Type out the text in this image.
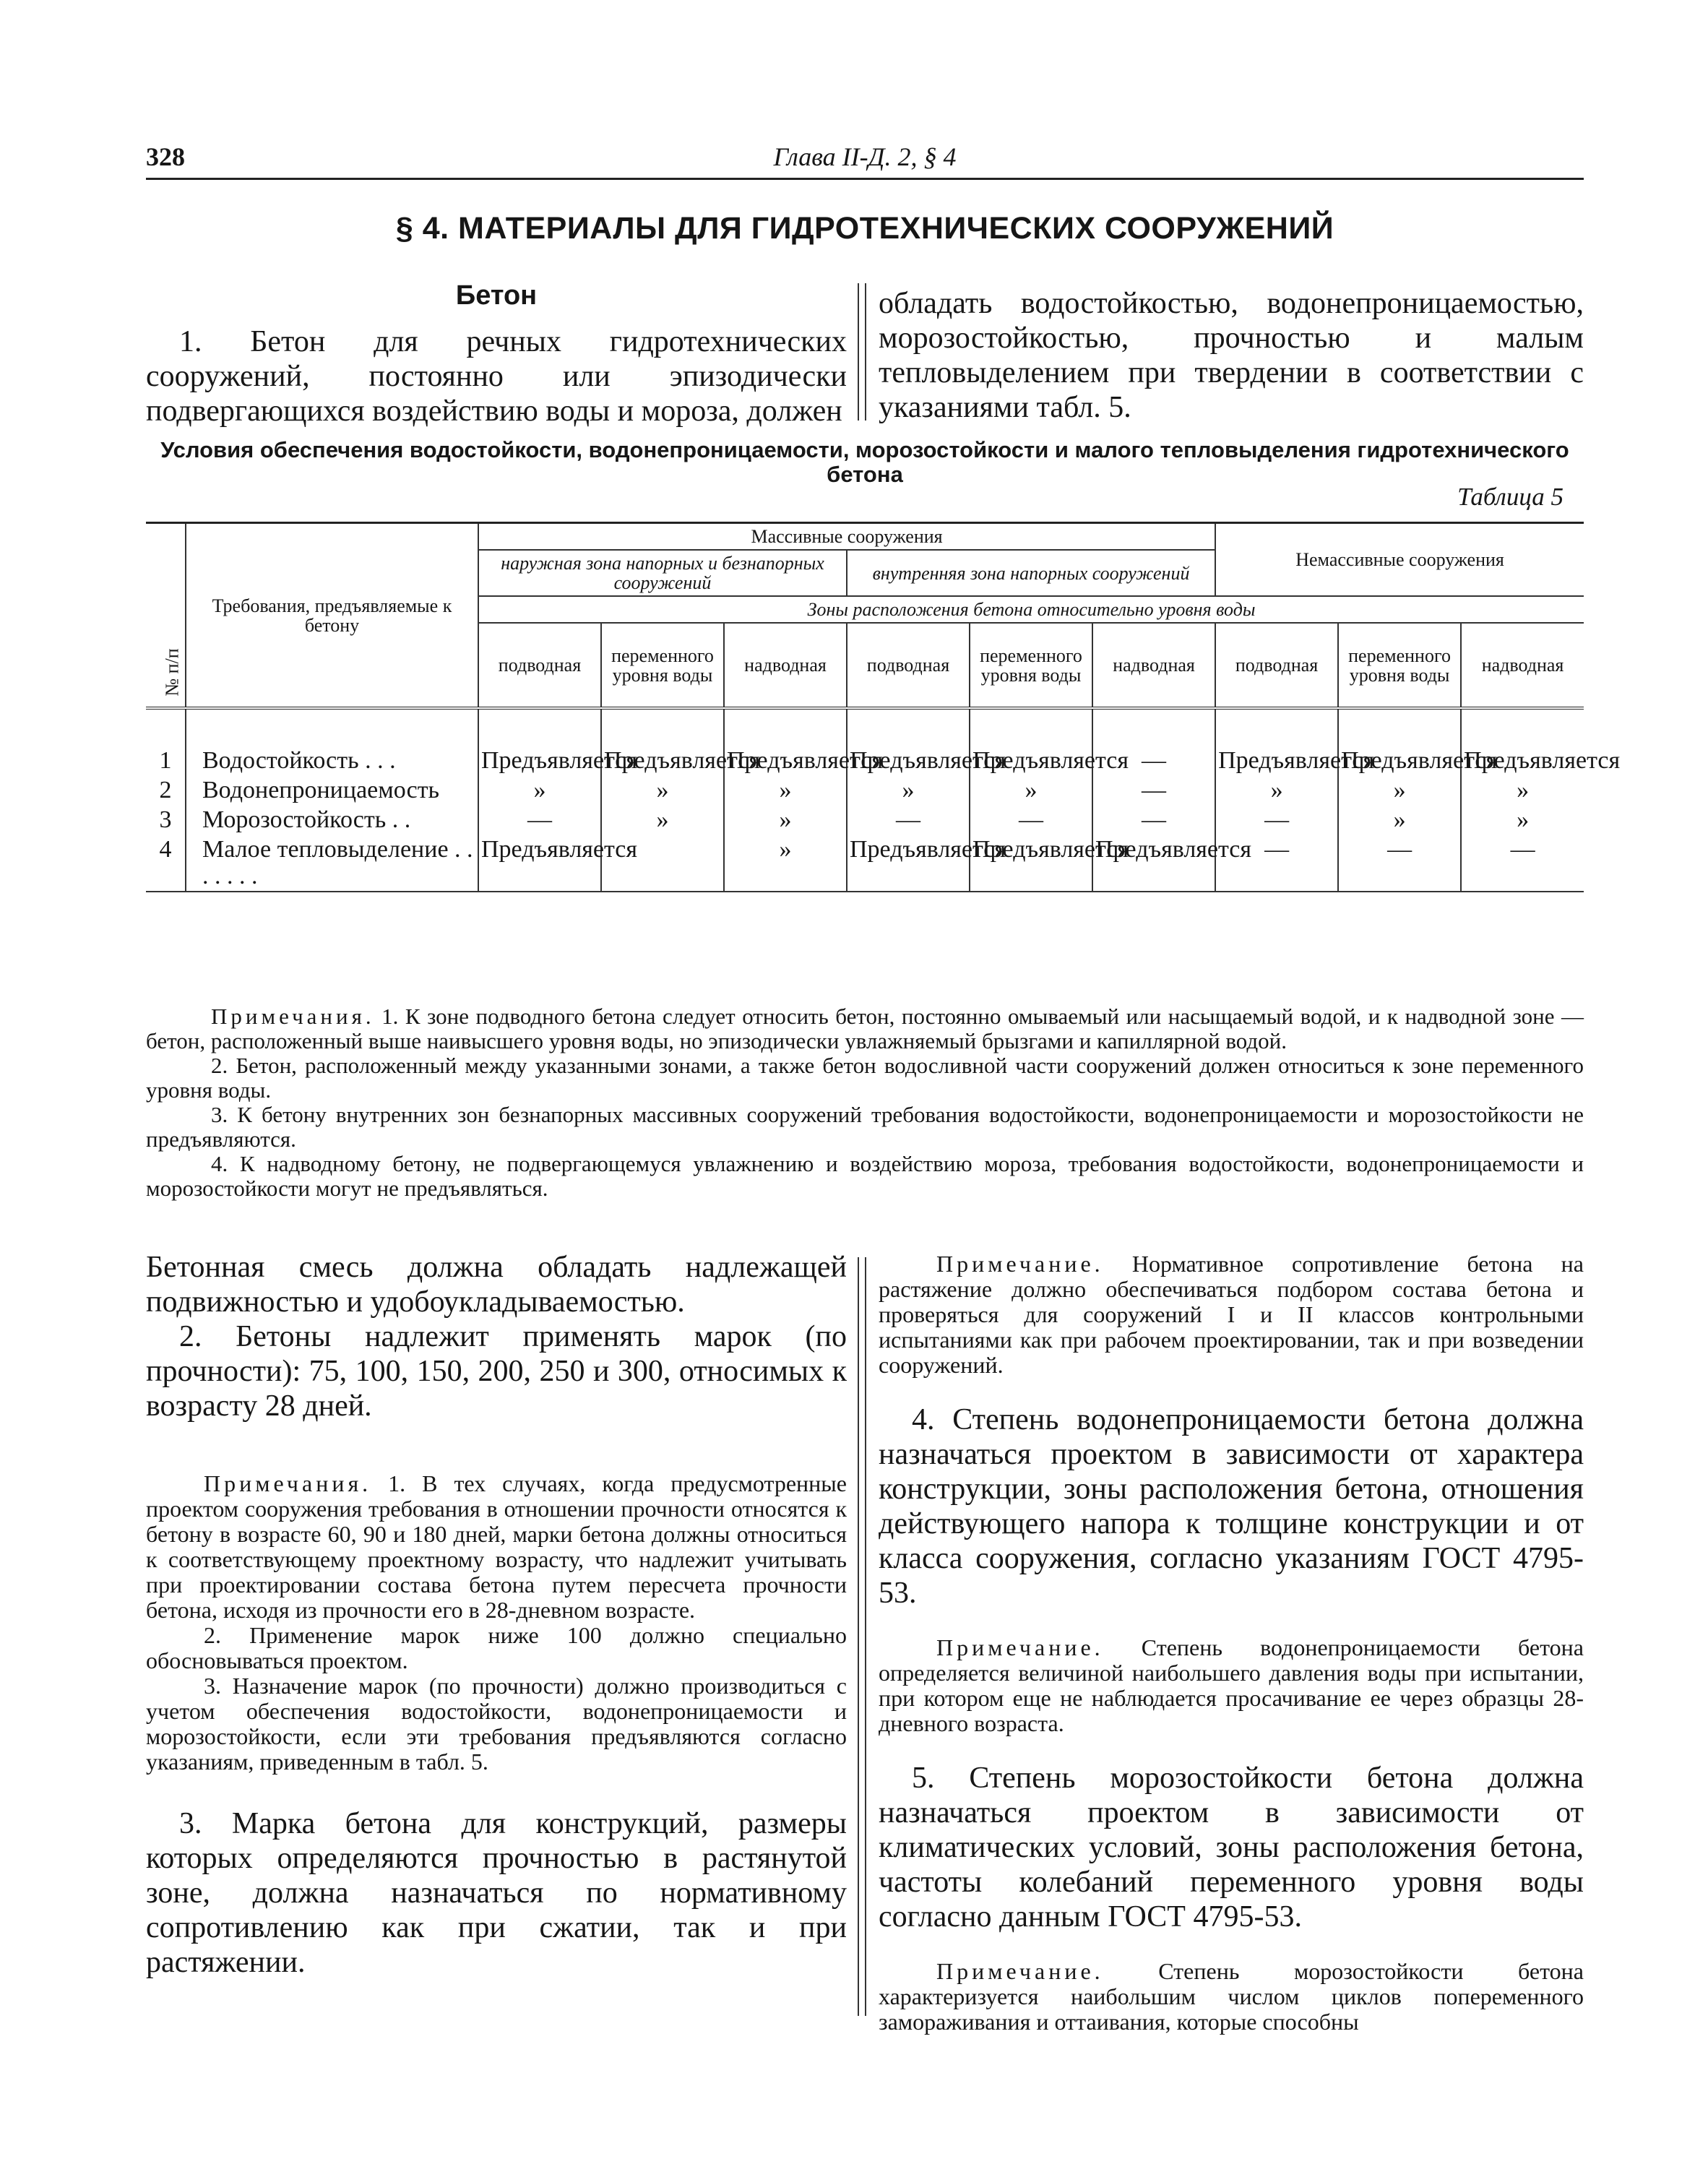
328	Глава II-Д. 2, § 4
§ 4. МАТЕРИАЛЫ ДЛЯ ГИДРОТЕХНИЧЕСКИХ СООРУЖЕНИЙ
Бетон

1. Бетон для речных гидротехнических сооружений, постоянно или эпизодически подвергающихся воздействию воды и мороза, должен

обладать водостойкостью, водонепроницаемостью, морозостойкостью, прочностью и малым тепловыделением при твердении в соответствии с указаниями табл. 5.

Условия обеспечения водостойкости, водонепроницаемости, морозостойкости и малого тепловыделения гидротехнического бетона
Таблица 5
№ п/п	Требования, предъявляемые к бетону	Массивные сооружения						Немассивные сооружения		
		наружная зона напорных и безнапорных сооружений			внутренняя зона напорных сооружений					
		Зоны расположения бетона относительно уровня воды								
		подводная	переменного уровня воды	надводная	подводная	переменного уровня воды	надводная	подводная	переменного уровня воды	надводная
1	Водостойкость . . .	Предъявляется	Предъявляется	Предъявляется	Предъявляется	Предъявляется	—	Предъявляется	Предъявляется	Предъявляется
2	Водонепроницаемость	»	»	»	»	»	—	»	»	»
3	Морозостойкость . .	—	»	»	—	—	—	—	»	»
4	Малое тепловыделение . . . . . . .	Предъявляется		»	Предъявляется	Предъявляется	Предъявляется	—	—	—

Примечания. 1. К зоне подводного бетона следует относить бетон, постоянно омываемый или насыщаемый водой, и к надводной зоне — бетон, расположенный выше наивысшего уровня воды, но эпизодически увлажняемый брызгами и капиллярной водой.

2. Бетон, расположенный между указанными зонами, а также бетон водосливной части сооружений должен относиться к зоне переменного уровня воды.

3. К бетону внутренних зон безнапорных массивных сооружений требования водостойкости, водонепроницаемости и морозостойкости не предъявляются.

4. К надводному бетону, не подвергающемуся увлажнению и воздействию мороза, требования водостойкости, водонепроницаемости и морозостойкости могут не предъявляться.

Бетонная смесь должна обладать надлежащей подвижностью и удобоукладываемостью.

2. Бетоны надлежит применять марок (по прочности): 75, 100, 150, 200, 250 и 300, относимых к возрасту 28 дней.

Примечания. 1. В тех случаях, когда предусмотренные проектом сооружения требования в отношении прочности относятся к бетону в возрасте 60, 90 и 180 дней, марки бетона должны относиться к соответствующему проектному возрасту, что надлежит учитывать при проектировании состава бетона путем пересчета прочности бетона, исходя из прочности его в 28-дневном возрасте.

2. Применение марок ниже 100 должно специально обосновываться проектом.

3. Назначение марок (по прочности) должно производиться с учетом обеспечения водостойкости, водонепроницаемости и морозостойкости, если эти требования предъявляются согласно указаниям, приведенным в табл. 5.

3. Марка бетона для конструкций, размеры которых определяются прочностью в растянутой зоне, должна назначаться по нормативному сопротивлению как при сжатии, так и при растяжении.

Примечание. Нормативное сопротивление бетона на растяжение должно обеспечиваться подбором состава бетона и проверяться для сооружений I и II классов контрольными испытаниями как при рабочем проектировании, так и при возведении сооружений.

4. Степень водонепроницаемости бетона должна назначаться проектом в зависимости от характера конструкции, зоны расположения бетона, отношения действующего напора к толщине конструкции и от класса сооружения, согласно указаниям ГОСТ 4795-53.

Примечание. Степень водонепроницаемости бетона определяется величиной наибольшего давления воды при испытании, при котором еще не наблюдается просачивание ее через образцы 28-дневного возраста.

5. Степень морозостойкости бетона должна назначаться проектом в зависимости от климатических условий, зоны расположения бетона, частоты колебаний переменного уровня воды согласно данным ГОСТ 4795-53.

Примечание. Степень морозостойкости бетона характеризуется наибольшим числом циклов попеременного замораживания и оттаивания, которые способны
